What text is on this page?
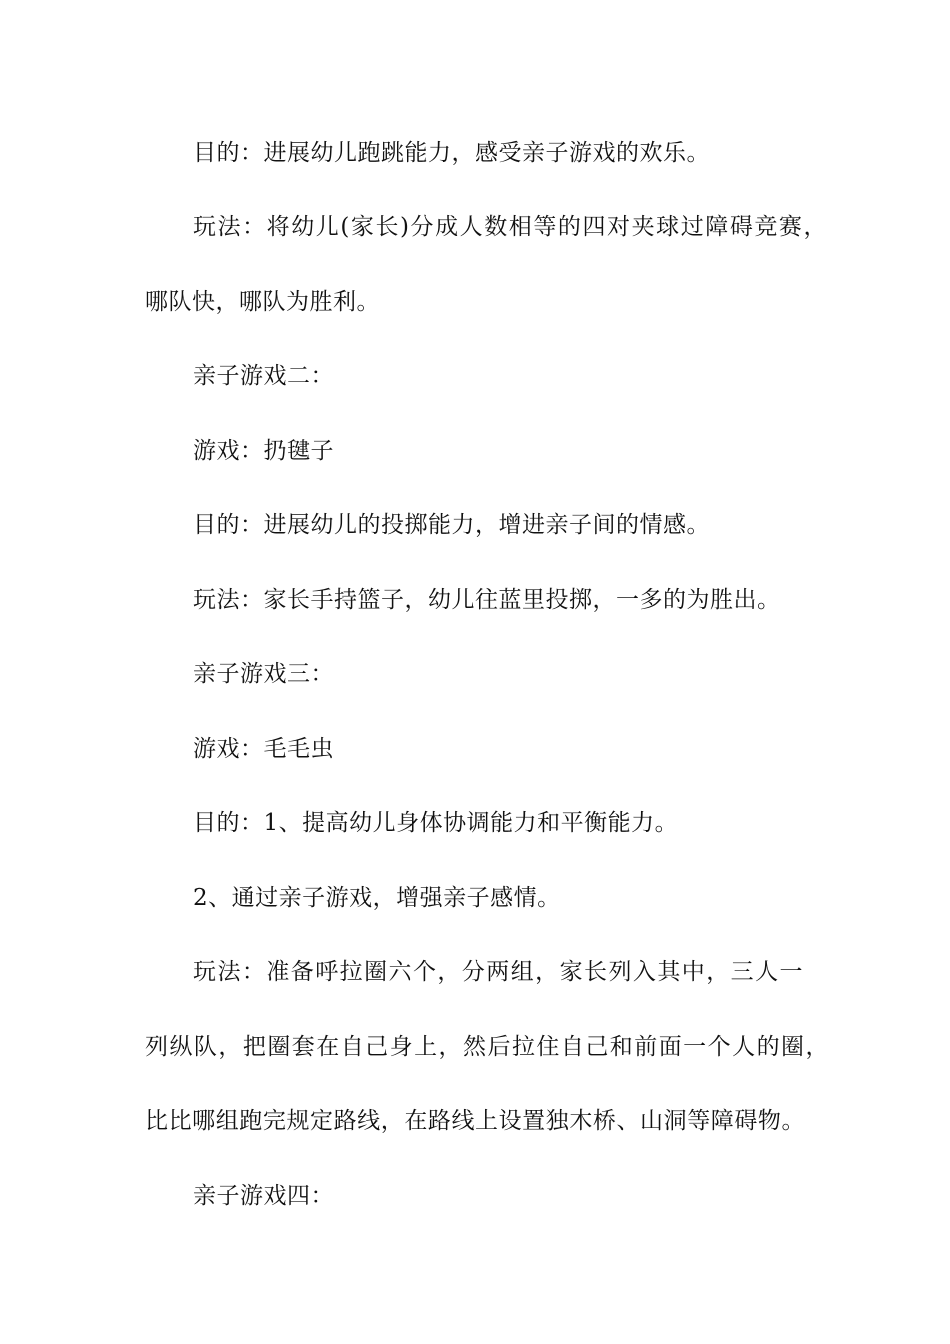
目的：进展幼儿跑跳能力，感受亲子游戏的欢乐。
玩法：将幼儿(家长)分成人数相等的四对夹球过障碍竞赛，
哪队快，哪队为胜利。
亲子游戏二：
游戏：扔毽子
目的：进展幼儿的投掷能力，增进亲子间的情感。
玩法：家长手持篮子，幼儿往蓝里投掷，一多的为胜出。
亲子游戏三：
游戏：毛毛虫
目的：1、提高幼儿身体协调能力和平衡能力。
2、通过亲子游戏，增强亲子感情。
玩法：准备呼拉圈六个，分两组，家长列入其中，三人一
列纵队，把圈套在自己身上，然后拉住自己和前面一个人的圈，
比比哪组跑完规定路线，在路线上设置独木桥、山洞等障碍物。
亲子游戏四：
